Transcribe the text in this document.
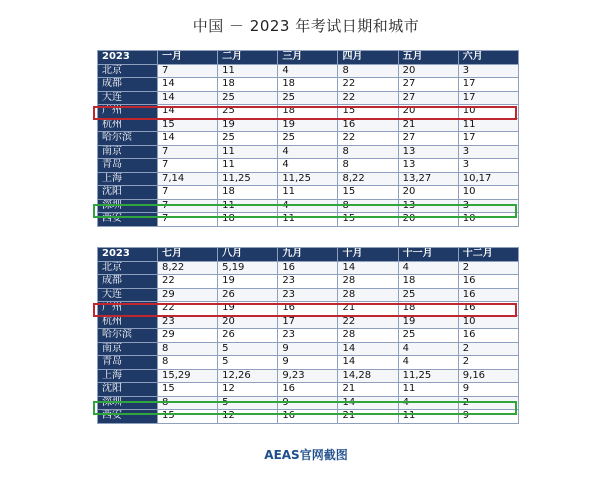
中国 － 2023 年考试日期和城市
2023	一月	二月	三月	四月	五月	六月
北京	7	11	4	8	20	3
成都	14	18	18	22	27	17
大连	14	25	25	22	27	17
广州	14	25	18	15	20	10
杭州	15	19	19	16	21	11
哈尔滨	14	25	25	22	27	17
南京	7	11	4	8	13	3
青岛	7	11	4	8	13	3
上海	7,14	11,25	11,25	8,22	13,27	10,17
沈阳	7	18	11	15	20	10
深圳	7	11	4	8	13	3
西安	7	18	11	15	20	10
2023	七月	八月	九月	十月	十一月	十二月
北京	8,22	5,19	16	14	4	2
成都	22	19	23	28	18	16
大连	29	26	23	28	25	16
广州	22	19	16	21	18	16
杭州	23	20	17	22	19	10
哈尔滨	29	26	23	28	25	16
南京	8	5	9	14	4	2
青岛	8	5	9	14	4	2
上海	15,29	12,26	9,23	14,28	11,25	9,16
沈阳	15	12	16	21	11	9
深圳	8	5	9	14	4	2
西安	15	12	16	21	11	9
AEAS官网截图
